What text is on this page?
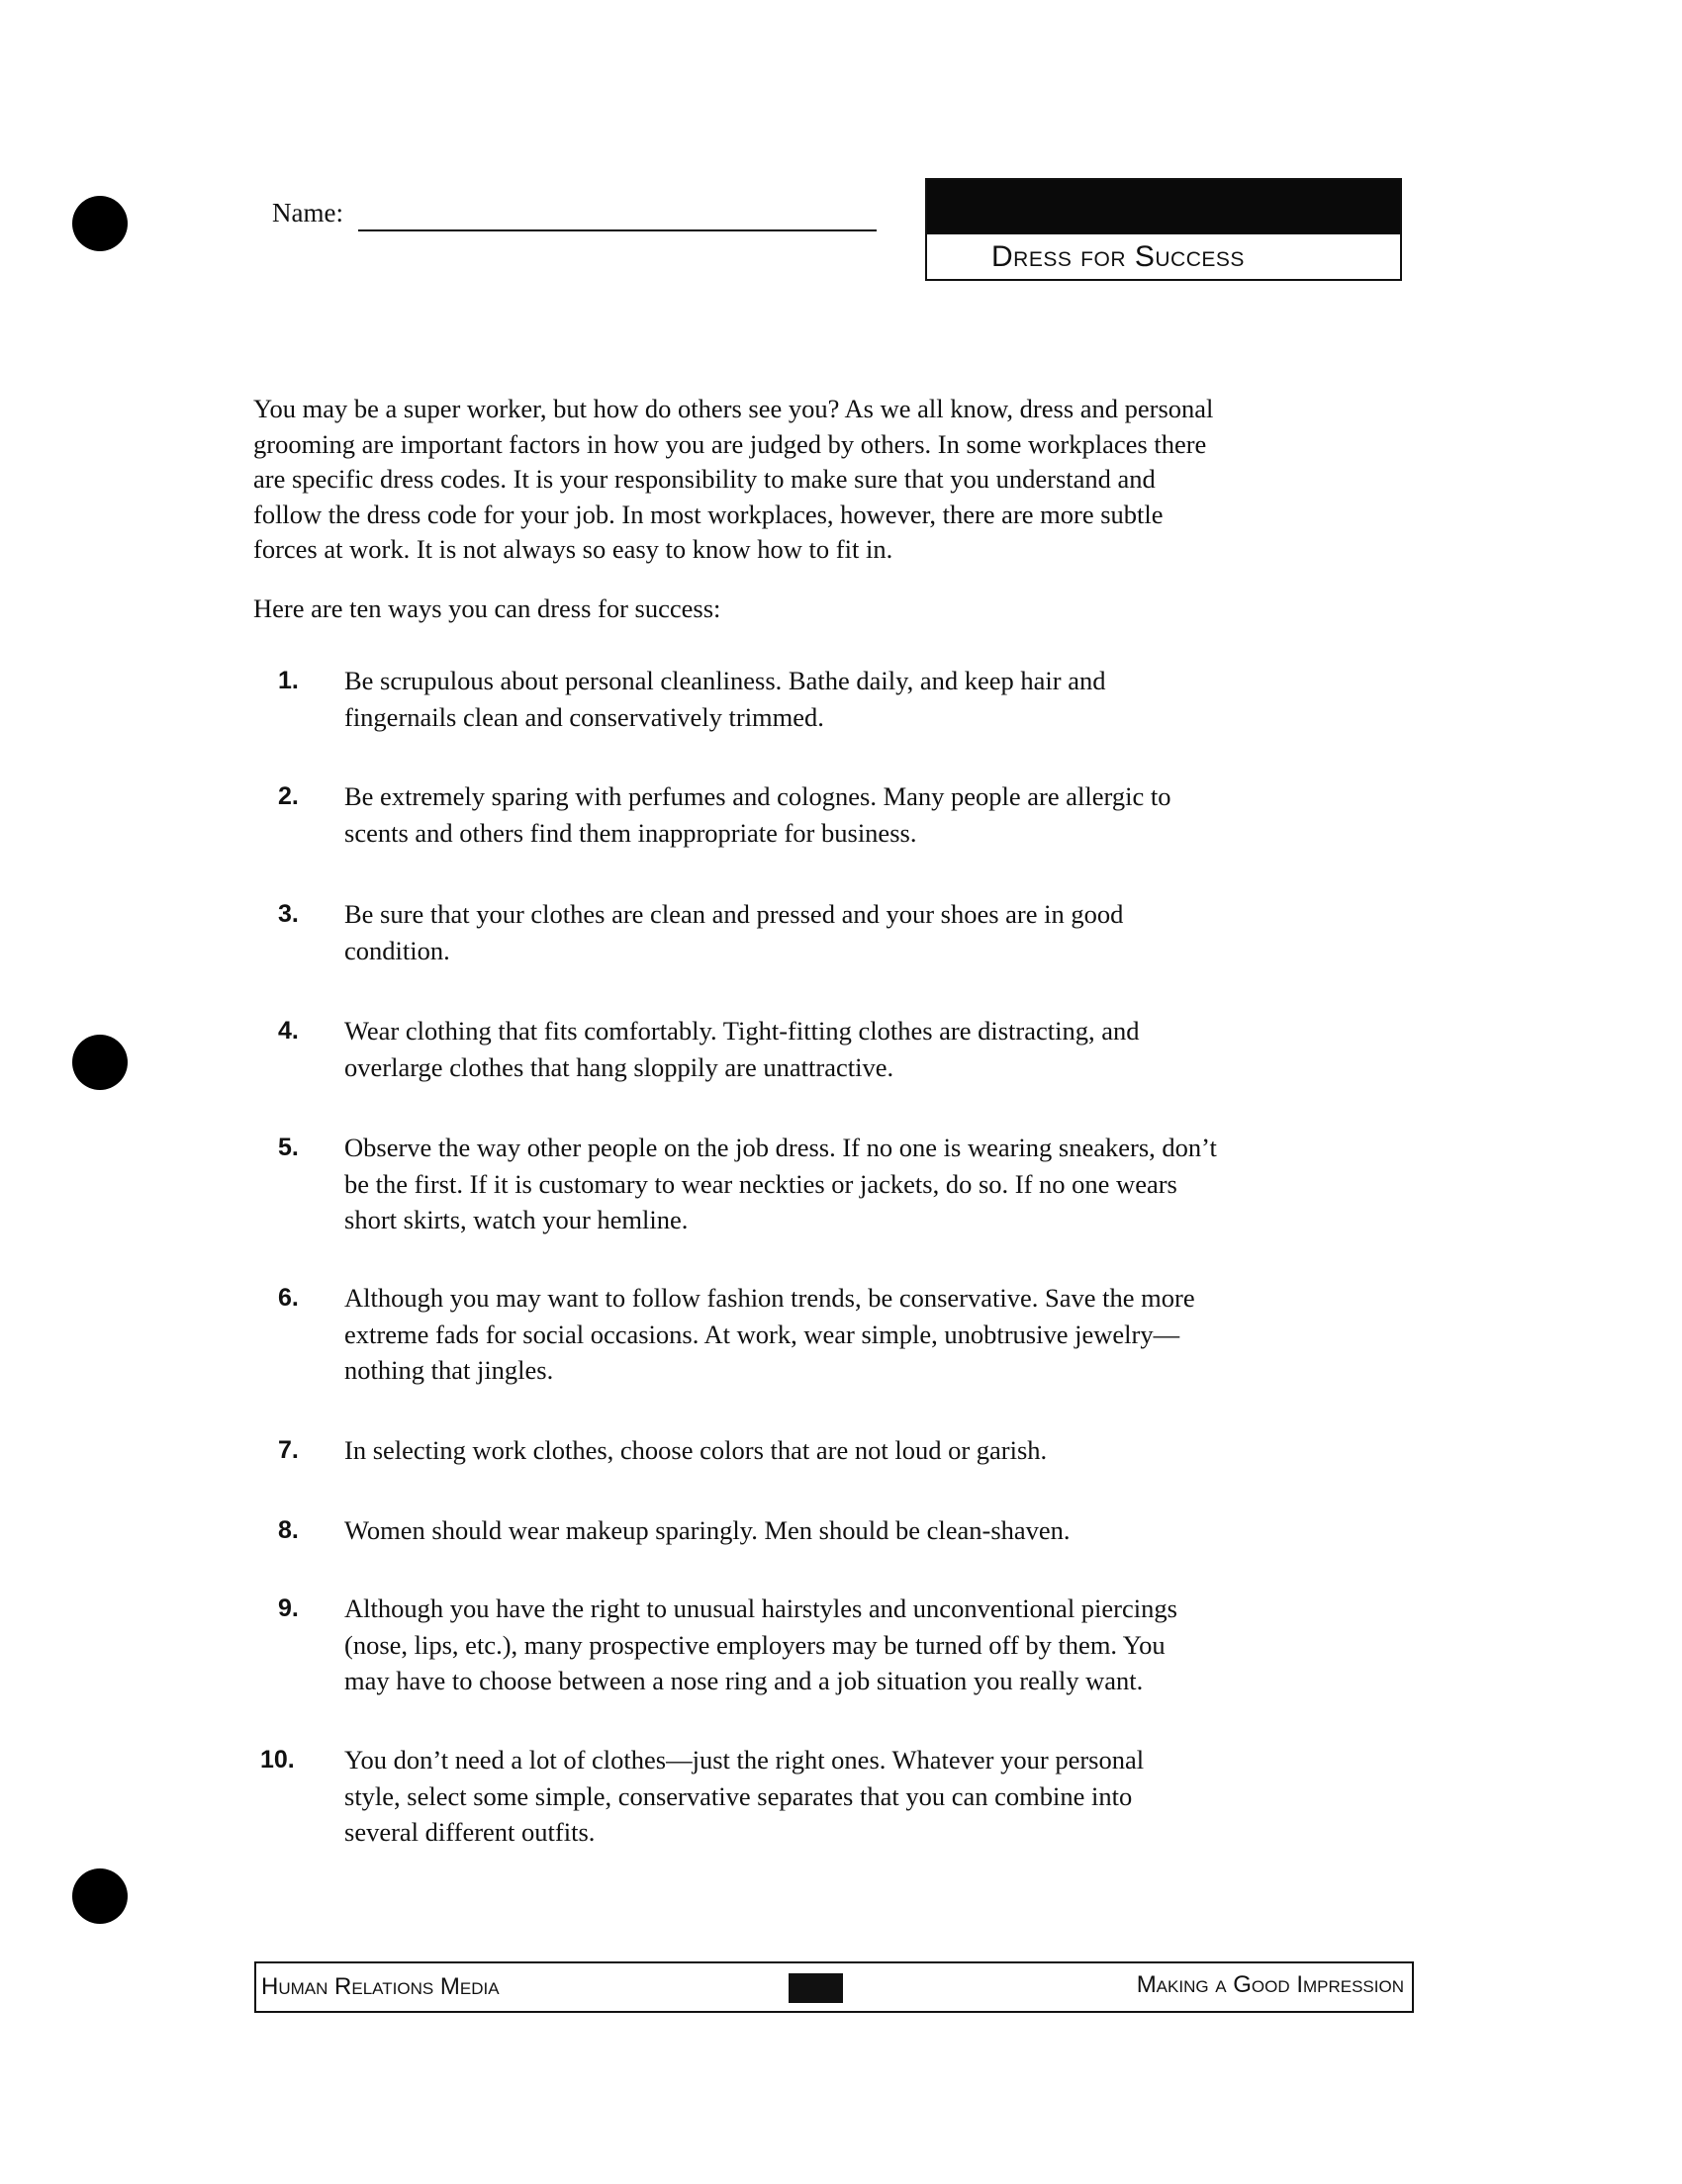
Name:
Dress for Success
You may be a super worker, but how do others see you? As we all know, dress and personal
grooming are important factors in how you are judged by others. In some workplaces there
are specific dress codes. It is your responsibility to make sure that you understand and
follow the dress code for your job. In most workplaces, however, there are more subtle
forces at work. It is not always so easy to know how to fit in.
Here are ten ways you can dress for success:
1. Be scrupulous about personal cleanliness. Bathe daily, and keep hair and
fingernails clean and conservatively trimmed.
2. Be extremely sparing with perfumes and colognes. Many people are allergic to
scents and others find them inappropriate for business.
3. Be sure that your clothes are clean and pressed and your shoes are in good
condition.
4. Wear clothing that fits comfortably. Tight-fitting clothes are distracting, and
overlarge clothes that hang sloppily are unattractive.
5. Observe the way other people on the job dress. If no one is wearing sneakers, don’t
be the first. If it is customary to wear neckties or jackets, do so. If no one wears
short skirts, watch your hemline.
6. Although you may want to follow fashion trends, be conservative. Save the more
extreme fads for social occasions. At work, wear simple, unobtrusive jewelry—
nothing that jingles.
7. In selecting work clothes, choose colors that are not loud or garish.
8. Women should wear makeup sparingly. Men should be clean-shaven.
9. Although you have the right to unusual hairstyles and unconventional piercings
(nose, lips, etc.), many prospective employers may be turned off by them. You
may have to choose between a nose ring and a job situation you really want.
10. You don’t need a lot of clothes—just the right ones. Whatever your personal
style, select some simple, conservative separates that you can combine into
several different outfits.
Human Relations Media	Making a Good Impression
